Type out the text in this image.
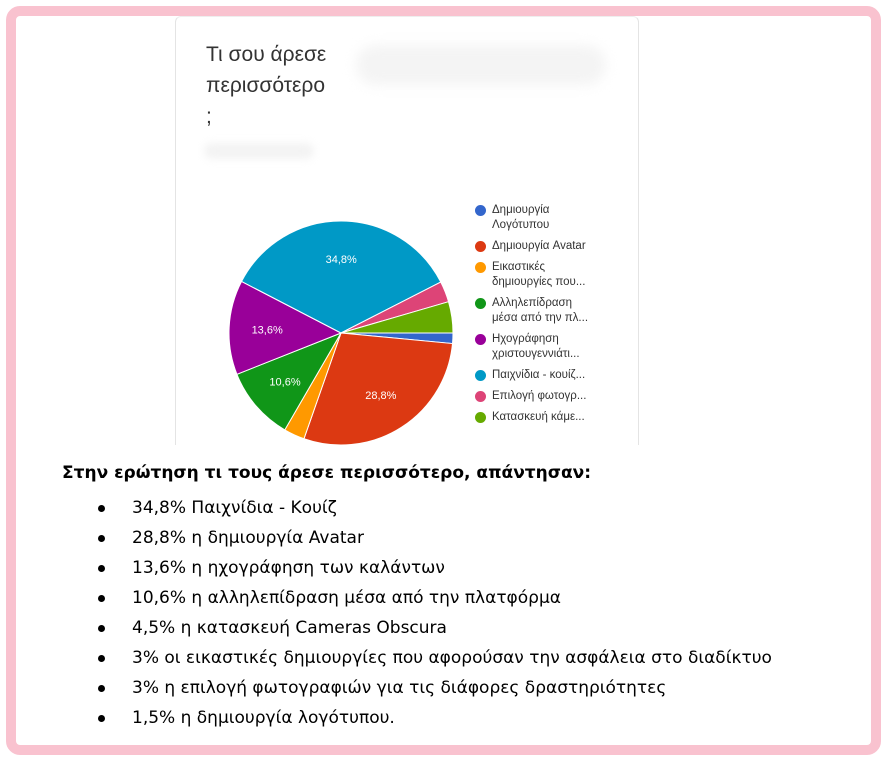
Τι σου άρεσε
περισσότερο
;
28,8%
10,6%
13,6%
34,8%
Δημιουργία
Λογότυπου
Δημιουργία Avatar
Εικαστικές
δημιουργίες που...
Αλληλεπίδραση
μέσα από την πλ...
Ηχογράφηση
χριστουγεννιάτι...
Παιχνίδια - κουίζ...
Επιλογή φωτογρ...
Κατασκευή κάμε...

Στην ερώτηση τι τους άρεσε περισσότερο, απάντησαν:

34,8% Παιχνίδια - Κουίζ
28,8% η δημιουργία Avatar
13,6% η ηχογράφηση των καλάντων
10,6% η αλληλεπίδραση μέσα από την πλατφόρμα
4,5% η κατασκευή Cameras Obscura
3% οι εικαστικές δημιουργίες που αφορούσαν την ασφάλεια στο διαδίκτυο
3% η επιλογή φωτογραφιών για τις διάφορες δραστηριότητες
1,5% η δημιουργία λογότυπου.
